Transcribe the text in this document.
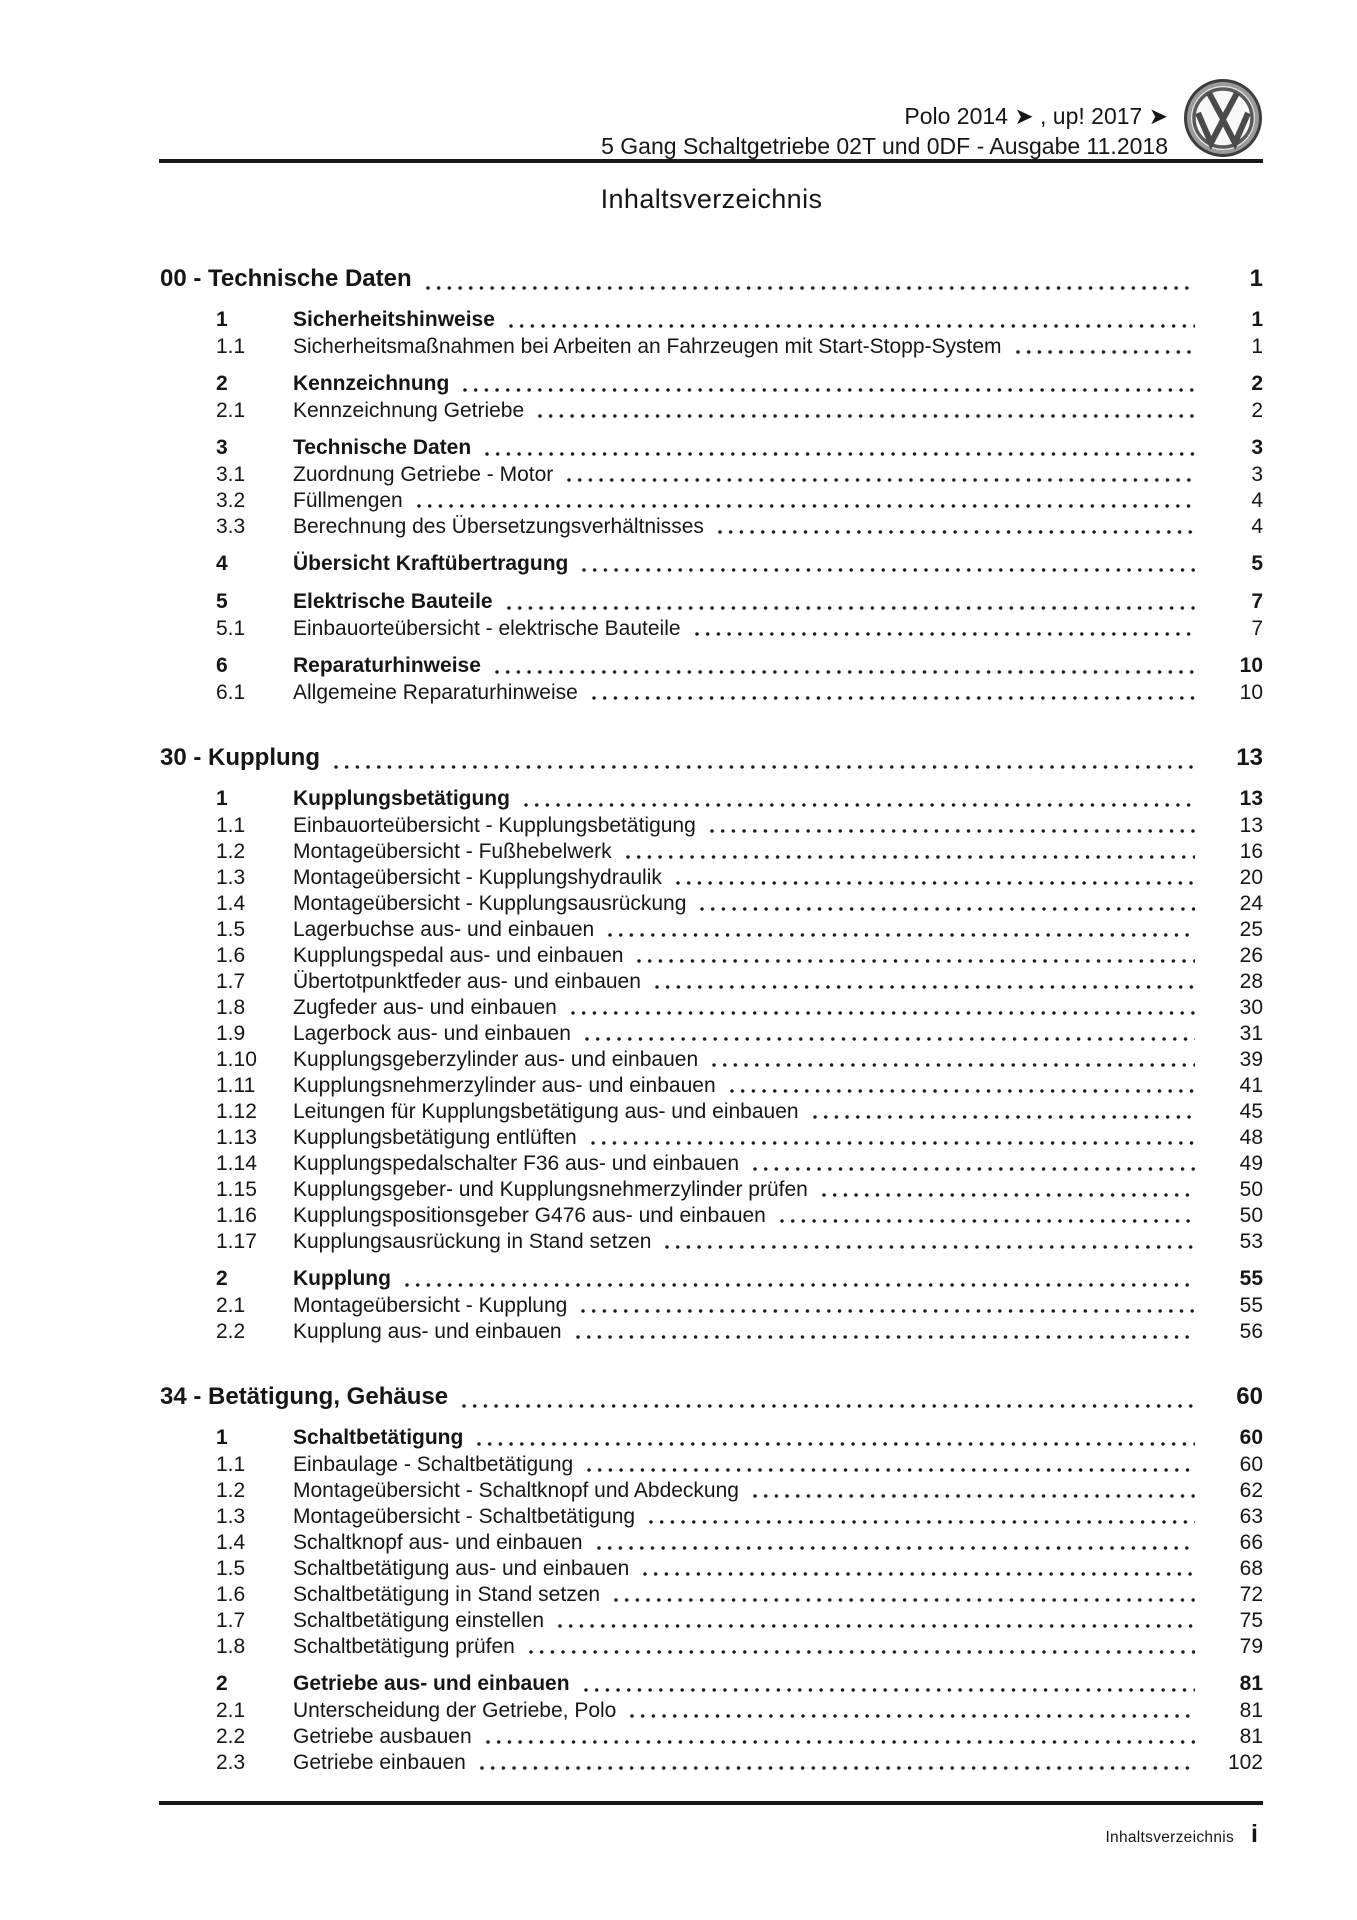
Polo 2014 ➤ , up! 2017 ➤
5 Gang Schaltgetriebe 02T und 0DF - Ausgabe 11.2018
Inhaltsverzeichnis
00 - Technische Daten	1
1	Sicherheitshinweise	1
1.1	Sicherheitsmaßnahmen bei Arbeiten an Fahrzeugen mit Start-Stopp-System	1
2	Kennzeichnung	2
2.1	Kennzeichnung Getriebe	2
3	Technische Daten	3
3.1	Zuordnung Getriebe - Motor	3
3.2	Füllmengen	4
3.3	Berechnung des Übersetzungsverhältnisses	4
4	Übersicht Kraftübertragung	5
5	Elektrische Bauteile	7
5.1	Einbauorteübersicht - elektrische Bauteile	7
6	Reparaturhinweise	10
6.1	Allgemeine Reparaturhinweise	10
30 - Kupplung	13
1	Kupplungsbetätigung	13
1.1	Einbauorteübersicht - Kupplungsbetätigung	13
1.2	Montageübersicht - Fußhebelwerk	16
1.3	Montageübersicht - Kupplungshydraulik	20
1.4	Montageübersicht - Kupplungsausrückung	24
1.5	Lagerbuchse aus- und einbauen	25
1.6	Kupplungspedal aus- und einbauen	26
1.7	Übertotpunktfeder aus- und einbauen	28
1.8	Zugfeder aus- und einbauen	30
1.9	Lagerbock aus- und einbauen	31
1.10	Kupplungsgeberzylinder aus- und einbauen	39
1.11	Kupplungsnehmerzylinder aus- und einbauen	41
1.12	Leitungen für Kupplungsbetätigung aus- und einbauen	45
1.13	Kupplungsbetätigung entlüften	48
1.14	Kupplungspedalschalter F36 aus- und einbauen	49
1.15	Kupplungsgeber- und Kupplungsnehmerzylinder prüfen	50
1.16	Kupplungspositionsgeber G476 aus- und einbauen	50
1.17	Kupplungsausrückung in Stand setzen	53
2	Kupplung	55
2.1	Montageübersicht - Kupplung	55
2.2	Kupplung aus- und einbauen	56
34 - Betätigung, Gehäuse	60
1	Schaltbetätigung	60
1.1	Einbaulage - Schaltbetätigung	60
1.2	Montageübersicht - Schaltknopf und Abdeckung	62
1.3	Montageübersicht - Schaltbetätigung	63
1.4	Schaltknopf aus- und einbauen	66
1.5	Schaltbetätigung aus- und einbauen	68
1.6	Schaltbetätigung in Stand setzen	72
1.7	Schaltbetätigung einstellen	75
1.8	Schaltbetätigung prüfen	79
2	Getriebe aus- und einbauen	81
2.1	Unterscheidung der Getriebe, Polo	81
2.2	Getriebe ausbauen	81
2.3	Getriebe einbauen	102
Inhaltsverzeichnis i
